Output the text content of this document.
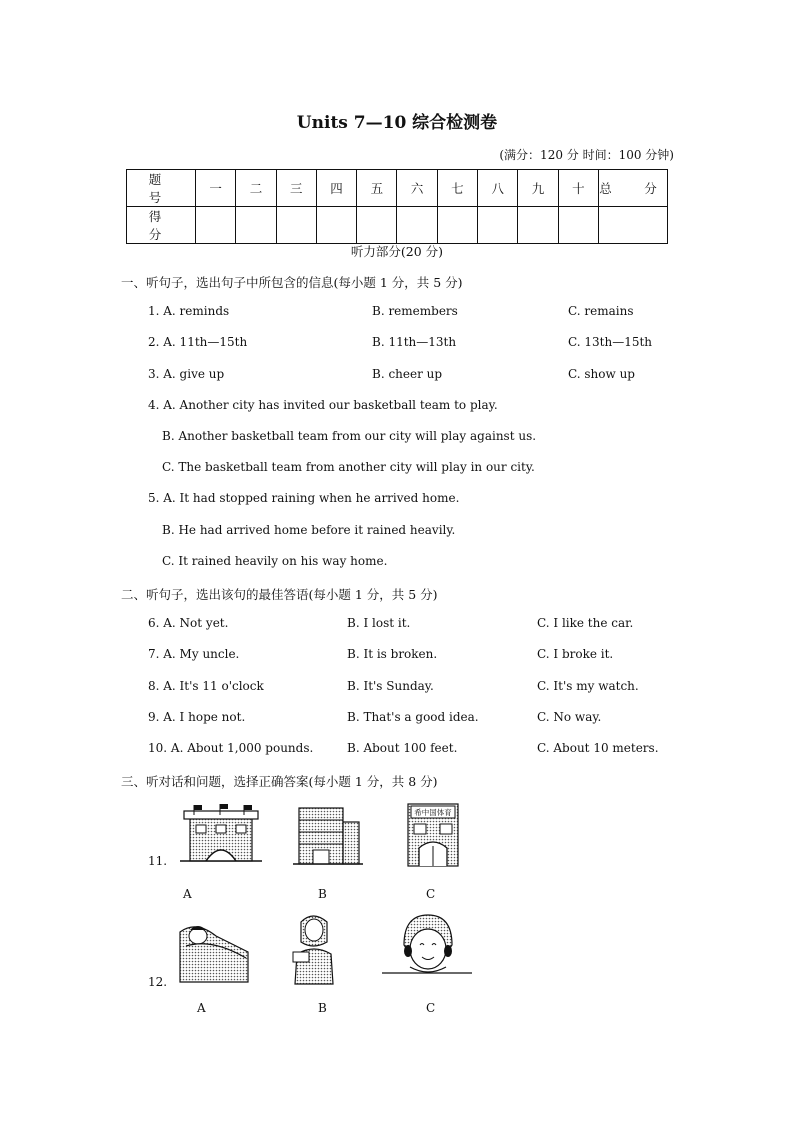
Units 7—10 综合检测卷
(满分：120 分 时间：100 分钟)
题　号	一	二	三	四	五	六	七	八	九	十	总　分
得　分											
听力部分(20 分)
一、听句子，选出句子中所包含的信息(每小题 1 分，共 5 分)
1. A. reminds	B. remembers	C. remains
2. A. 11th—15th	B. 11th—13th	C. 13th—15th
3. A. give up	B. cheer up	C. show up
4. A. Another city has invited our basketball team to play.
B. Another basketball team from our city will play against us.
C. The basketball team from another city will play in our city.
5. A. It had stopped raining when he arrived home.
B. He had arrived home before it rained heavily.
C. It rained heavily on his way home.
二、听句子，选出该句的最佳答语(每小题 1 分，共 5 分)
6. A. Not yet.	B. I lost it.	C. I like the car.
7. A. My uncle.	B. It is broken.	C. I broke it.
8. A. It's 11 o'clock	B. It's Sunday.	C. It's my watch.
9. A. I hope not.	B. That's a good idea.	C. No way.
10. A. About 1,000 pounds.	B. About 100 feet.	C. About 10 meters.
三、听对话和问题，选择正确答案(每小题 1 分，共 8 分)
11.
希中国体育
A	B	C
12.
A	B	C
